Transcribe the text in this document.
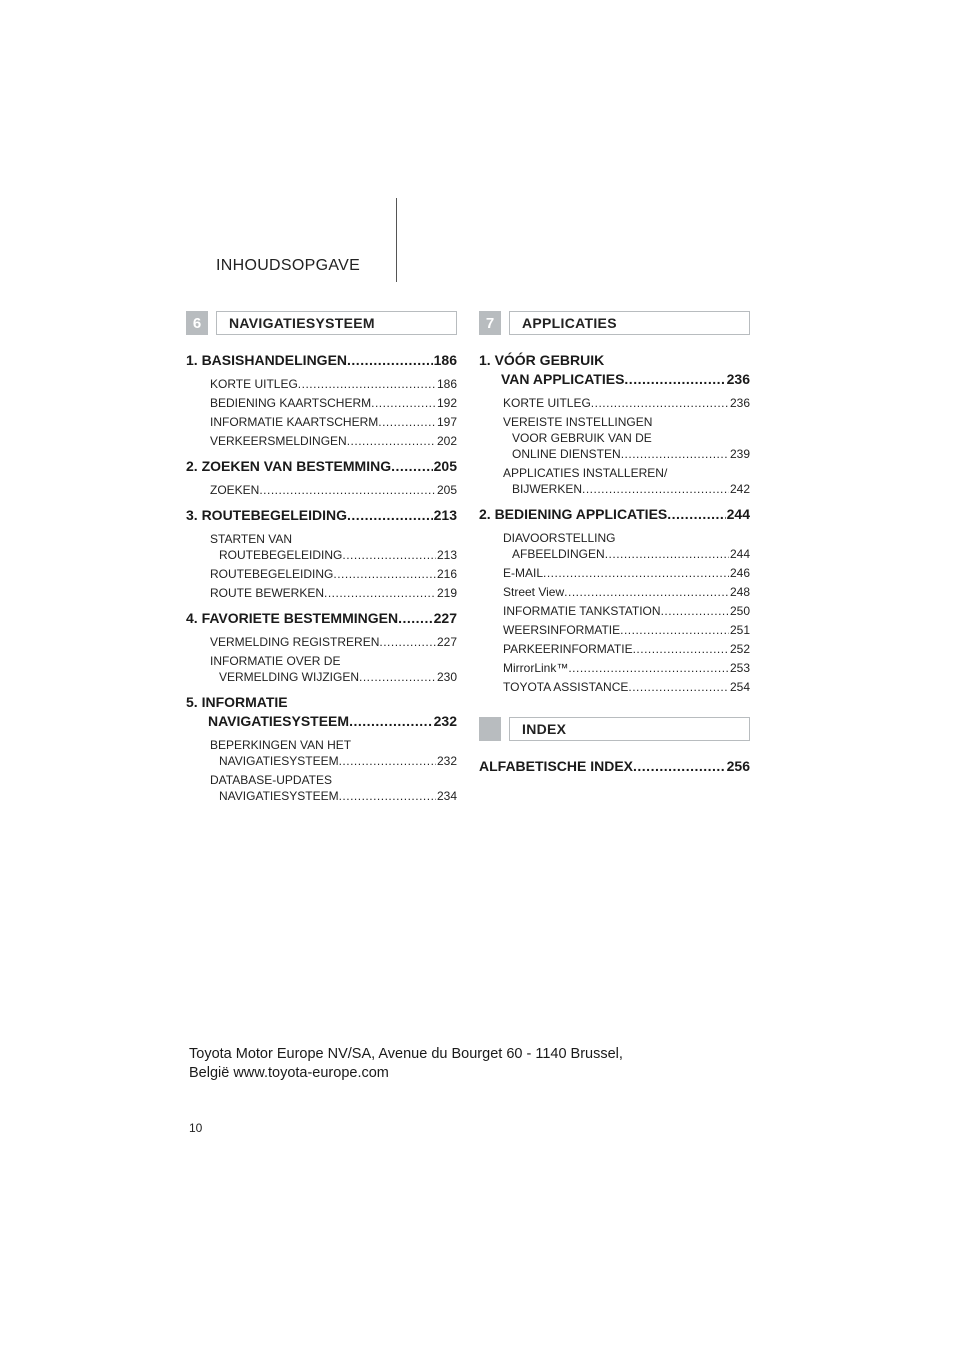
INHOUDSOPGAVE
6	NAVIGATIESYSTEEM
1. BASISHANDELINGEN .....	186
KORTE UITLEG .....	186
BEDIENING KAARTSCHERM .....	192
INFORMATIE KAARTSCHERM .....	197
VERKEERSMELDINGEN .....	202
2. ZOEKEN VAN BESTEMMING .....	205
ZOEKEN .....	205
3. ROUTEBEGELEIDING .....	213
STARTEN VAN
ROUTEBEGELEIDING .....	213
ROUTEBEGELEIDING .....	216
ROUTE BEWERKEN .....	219
4. FAVORIETE BESTEMMINGEN .....	227
VERMELDING REGISTREREN .....	227
INFORMATIE OVER DE
VERMELDING WIJZIGEN .....	230
5. INFORMATIE
NAVIGATIESYSTEEM .....	232
BEPERKINGEN VAN HET
NAVIGATIESYSTEEM .....	232
DATABASE-UPDATES
NAVIGATIESYSTEEM .....	234
7	APPLICATIES
1. VÓÓR GEBRUIK
VAN APPLICATIES .....	236
KORTE UITLEG .....	236
VEREISTE INSTELLINGEN
VOOR GEBRUIK VAN DE
ONLINE DIENSTEN .....	239
APPLICATIES INSTALLEREN/
BIJWERKEN .....	242
2. BEDIENING APPLICATIES .....	244
DIAVOORSTELLING
AFBEELDINGEN .....	244
E-MAIL .....	246
Street View .....	248
INFORMATIE TANKSTATION .....	250
WEERSINFORMATIE .....	251
PARKEERINFORMATIE .....	252
MirrorLink™ .....	253
TOYOTA ASSISTANCE .....	254
INDEX
ALFABETISCHE INDEX .....	256
Toyota Motor Europe NV/SA, Avenue du Bourget 60 - 1140 Brussel,
België www.toyota-europe.com
10
